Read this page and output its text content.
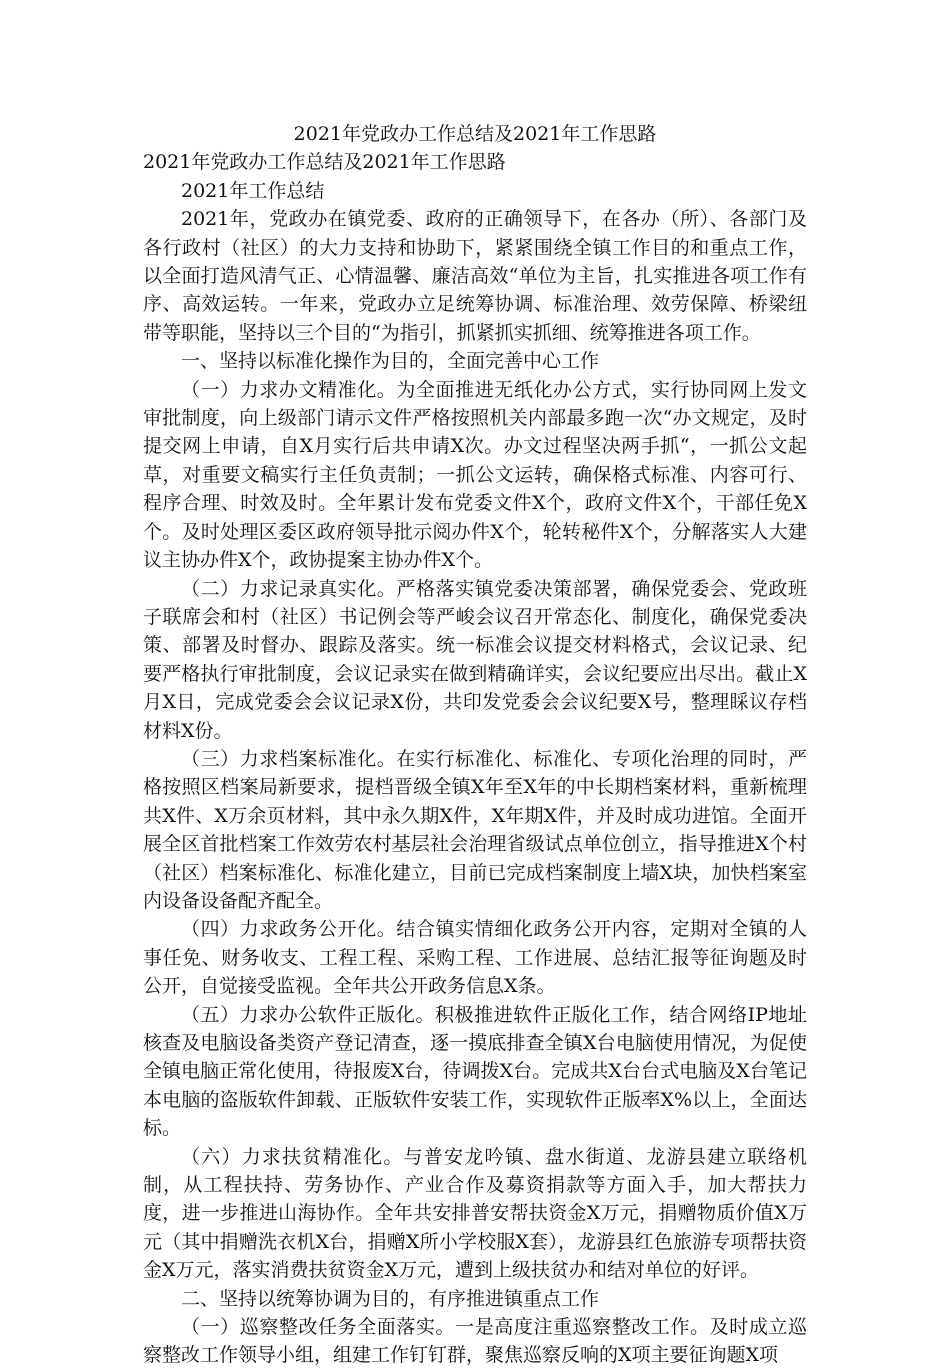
2021年党政办工作总结及2021年工作思路

2021年党政办工作总结及2021年工作思路

2021年工作总结

2021年，党政办在镇党委、政府的正确领导下，在各办（所）、各部门及各行政村（社区）的大力支持和协助下，紧紧围绕全镇工作目的和重点工作，以全面打造风清气正、心情温馨、廉洁高效“单位为主旨，扎实推进各项工作有序、高效运转。一年来，党政办立足统筹协调、标准治理、效劳保障、桥梁纽带等职能，坚持以三个目的“为指引，抓紧抓实抓细、统筹推进各项工作。

一、坚持以标准化操作为目的，全面完善中心工作

（一）力求办文精准化。为全面推进无纸化办公方式，实行协同网上发文审批制度，向上级部门请示文件严格按照机关内部最多跑一次“办文规定，及时提交网上申请，自X月实行后共申请X次。办文过程坚决两手抓“，一抓公文起草，对重要文稿实行主任负责制；一抓公文运转，确保格式标准、内容可行、程序合理、时效及时。全年累计发布党委文件X个，政府文件X个，干部任免X个。及时处理区委区政府领导批示阅办件X个，轮转秘件X个，分解落实人大建议主协办件X个，政协提案主协办件X个。

（二）力求记录真实化。严格落实镇党委决策部署，确保党委会、党政班子联席会和村（社区）书记例会等严峻会议召开常态化、制度化，确保党委决策、部署及时督办、跟踪及落实。统一标准会议提交材料格式，会议记录、纪要严格执行审批制度，会议记录实在做到精确详实，会议纪要应出尽出。截止X月X日，完成党委会会议记录X份，共印发党委会会议纪要X号，整理睬议存档材料X份。

（三）力求档案标准化。在实行标准化、标准化、专项化治理的同时，严格按照区档案局新要求，提档晋级全镇X年至X年的中长期档案材料，重新梳理共X件、X万余页材料，其中永久期X件，X年期X件，并及时成功进馆。全面开展全区首批档案工作效劳农村基层社会治理省级试点单位创立，指导推进X个村（社区）档案标准化、标准化建立，目前已完成档案制度上墙X块，加快档案室内设备设备配齐配全。

（四）力求政务公开化。结合镇实情细化政务公开内容，定期对全镇的人事任免、财务收支、工程工程、采购工程、工作进展、总结汇报等征询题及时公开，自觉接受监视。全年共公开政务信息X条。

（五）力求办公软件正版化。积极推进软件正版化工作，结合网络IP地址核查及电脑设备类资产登记清查，逐一摸底排查全镇X台电脑使用情况，为促使全镇电脑正常化使用，待报废X台，待调拨X台。完成共X台台式电脑及X台笔记本电脑的盗版软件卸载、正版软件安装工作，实现软件正版率X%以上，全面达标。

（六）力求扶贫精准化。与普安龙吟镇、盘水街道、龙游县建立联络机制，从工程扶持、劳务协作、产业合作及募资捐款等方面入手，加大帮扶力度，进一步推进山海协作。全年共安排普安帮扶资金X万元，捐赠物质价值X万元（其中捐赠洗衣机X台，捐赠X所小学校服X套），龙游县红色旅游专项帮扶资金X万元，落实消费扶贫资金X万元，遭到上级扶贫办和结对单位的好评。

二、坚持以统筹协调为目的，有序推进镇重点工作

（一）巡察整改任务全面落实。一是高度注重巡察整改工作。及时成立巡察整改工作领导小组，组建工作钉钉群，聚焦巡察反响的X项主要征询题X项
